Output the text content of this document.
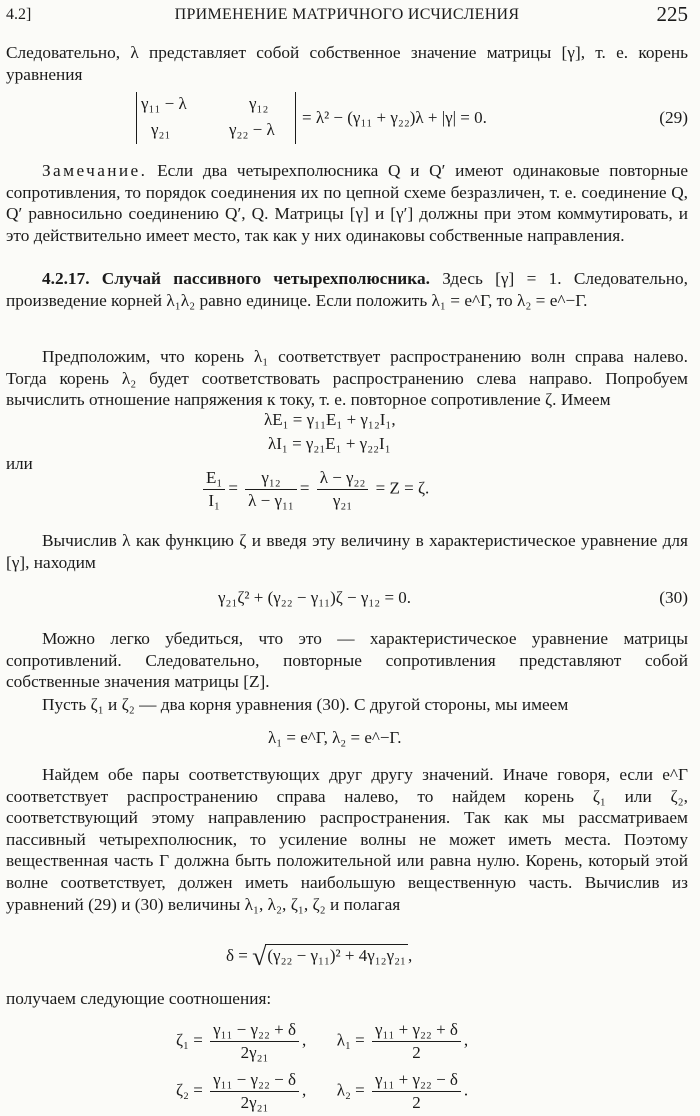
4.2]	ПРИМЕНЕНИЕ МАТРИЧНОГО ИСЧИСЛЕНИЯ	225

Следовательно, λ представляет собой собственное значение матрицы [γ], т. е. корень уравнения

γ₁₁ − λ	γ₁₂
γ₂₁	γ₂₂ − λ
= λ² − (γ₁₁ + γ₂₂)λ + |γ| = 0.	(29)

Замечание. Если два четырехполюсника Q и Q′ имеют одинаковые повторные сопротивления, то порядок соединения их по цепной схеме безразличен, т. е. соединение Q, Q′ равносильно соединению Q′, Q. Матрицы [γ] и [γ′] должны при этом коммутировать, и это действительно имеет место, так как у них одинаковы собственные направления.

4.2.17. Случай пассивного четырехполюсника. Здесь [γ] = 1. Следовательно, произведение корней λ₁λ₂ равно единице. Если положить λ₁ = e^Γ, то λ₂ = e^−Γ.

Предположим, что корень λ₁ соответствует распространению волн справа налево. Тогда корень λ₂ будет соответствовать распространению слева направо. Попробуем вычислить отношение напряжения к току, т. е. повторное сопротивление ζ. Имеем

λE₁ = γ₁₁E₁ + γ₁₂I₁,
λI₁ = γ₂₁E₁ + γ₂₂I₁
или
$\frac{\text{E₁}}{\text{I₁}} = \frac{\text{γ₁₂}}{\text{λ − γ₁₁}} = \frac{\text{λ − γ₂₂}}{\text{γ₂₁}} = Z = \zeta$.

Вычислив λ как функцию ζ и введя эту величину в характеристическое уравнение для [γ], находим

γ₂₁ζ² + (γ₂₂ − γ₁₁)ζ − γ₁₂ = 0.	(30)

Можно легко убедиться, что это — характеристическое уравнение матрицы сопротивлений. Следовательно, повторные сопротивления представляют собой собственные значения матрицы [Z].

Пусть ζ₁ и ζ₂ — два корня уравнения (30). С другой стороны, мы имеем

λ₁ = e^Γ, λ₂ = e^−Γ.

Найдем обе пары соответствующих друг другу значений. Иначе говоря, если e^Γ соответствует распространению справа налево, то найдем корень ζ₁ или ζ₂, соответствующий этому направлению распространения. Так как мы рассматриваем пассивный четырехполюсник, то усиление волны не может иметь места. Поэтому вещественная часть Γ должна быть положительной или равна нулю. Корень, который этой волне соответствует, должен иметь наибольшую вещественную часть. Вычислив из уравнений (29) и (30) величины λ₁, λ₂, ζ₁, ζ₂ и полагая

δ = √(γ₂₂ − γ₁₁)² + 4γ₁₂γ₂₁ ,

получаем следующие соотношения:

$\zeta_1 = \frac{\text{γ₁₁ − γ₂₂ + δ}}{\text{2γ₂₁}}$ , $\lambda_1 = \frac{\text{γ₁₁ + γ₂₂ + δ}}{2}$ ,
$\zeta_2 = \frac{\text{γ₁₁ − γ₂₂ − δ}}{\text{2γ₂₁}}$ , $\lambda_2 = \frac{\text{γ₁₁ + γ₂₂ − δ}}{2}$ .
